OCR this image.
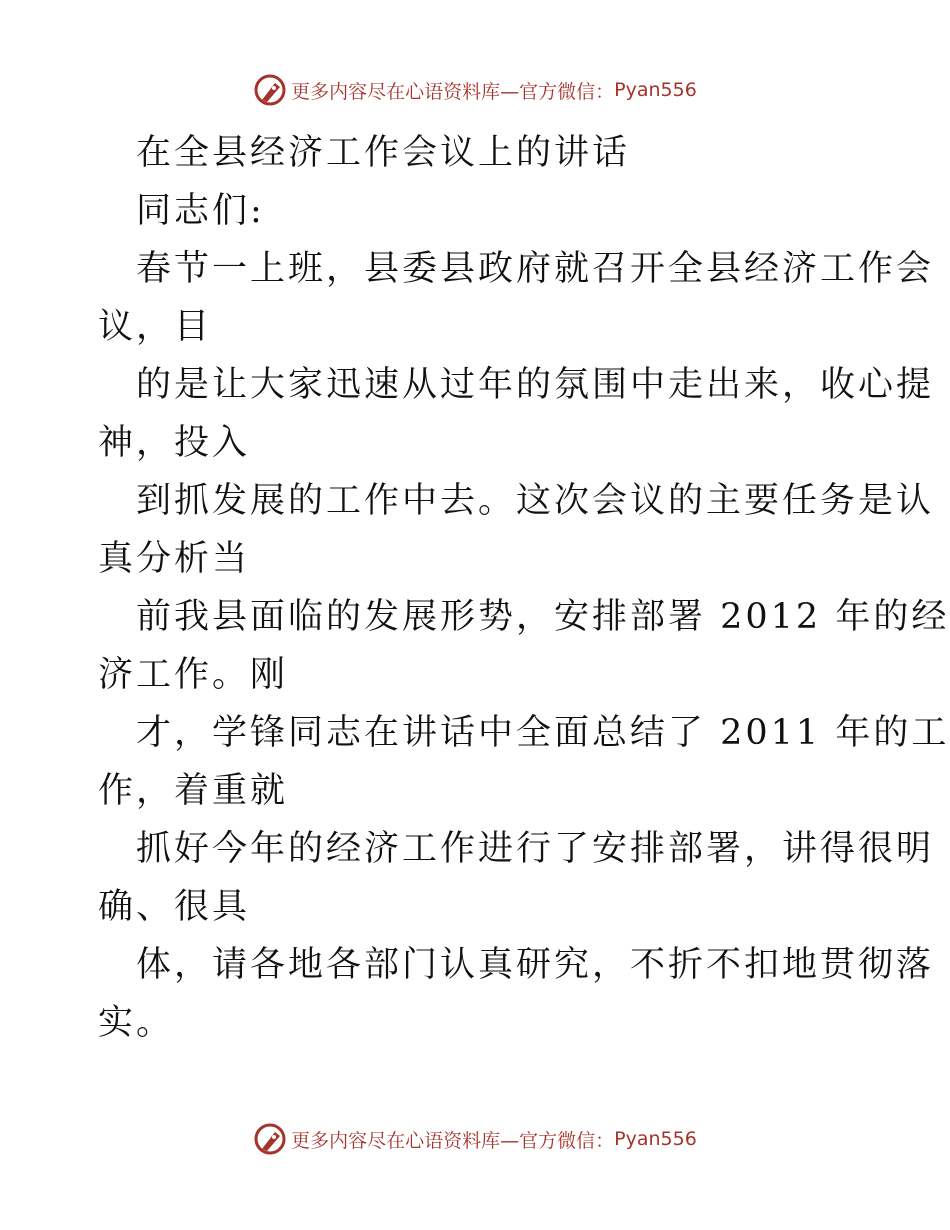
更多内容尽在心语资料库—官方微信： Pyan556
在全县经济工作会议上的讲话
同志们:
春节一上班，县委县政府就召开全县经济工作会
议，目
的是让大家迅速从过年的氛围中走出来，收心提
神，投入
到抓发展的工作中去。这次会议的主要任务是认
真分析当
前我县面临的发展形势，安排部署 2012 年的经
济工作。刚
才，学锋同志在讲话中全面总结了 2011 年的工
作，着重就
抓好今年的经济工作进行了安排部署，讲得很明
确、很具
体，请各地各部门认真研究，不折不扣地贯彻落
实。
更多内容尽在心语资料库—官方微信： Pyan556
